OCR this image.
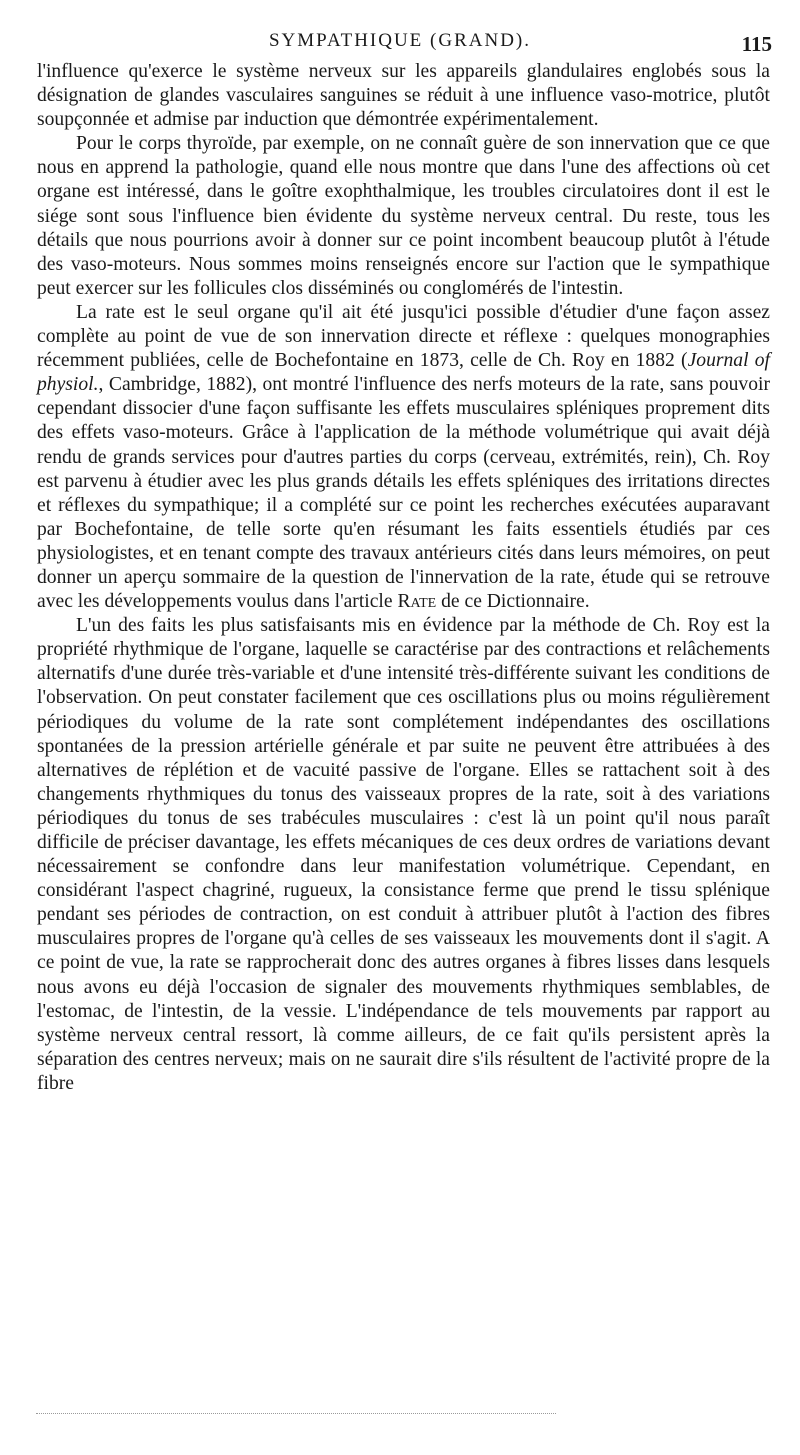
SYMPATHIQUE (GRAND).	115

l'influence qu'exerce le système nerveux sur les appareils glandulaires englobés sous la désignation de glandes vasculaires sanguines se réduit à une influence vaso-motrice, plutôt soupçonnée et admise par induction que démontrée expérimentalement.

Pour le corps thyroïde, par exemple, on ne connaît guère de son innervation que ce que nous en apprend la pathologie, quand elle nous montre que dans l'une des affections où cet organe est intéressé, dans le goître exophthalmique, les troubles circulatoires dont il est le siége sont sous l'influence bien évidente du système nerveux central. Du reste, tous les détails que nous pourrions avoir à donner sur ce point incombent beaucoup plutôt à l'étude des vaso-moteurs. Nous sommes moins renseignés encore sur l'action que le sympathique peut exercer sur les follicules clos disséminés ou conglomérés de l'intestin.

La rate est le seul organe qu'il ait été jusqu'ici possible d'étudier d'une façon assez complète au point de vue de son innervation directe et réflexe : quelques monographies récemment publiées, celle de Bochefontaine en 1873, celle de Ch. Roy en 1882 (Journal of physiol., Cambridge, 1882), ont montré l'influence des nerfs moteurs de la rate, sans pouvoir cependant dissocier d'une façon suffisante les effets musculaires spléniques proprement dits des effets vaso-moteurs. Grâce à l'application de la méthode volumétrique qui avait déjà rendu de grands services pour d'autres parties du corps (cerveau, extrémités, rein), Ch. Roy est parvenu à étudier avec les plus grands détails les effets spléniques des irritations directes et réflexes du sympathique; il a complété sur ce point les recherches exécutées auparavant par Bochefontaine, de telle sorte qu'en résumant les faits essentiels étudiés par ces physiologistes, et en tenant compte des travaux antérieurs cités dans leurs mémoires, on peut donner un aperçu sommaire de la question de l'innervation de la rate, étude qui se retrouve avec les développements voulus dans l'article Rate de ce Dictionnaire.

L'un des faits les plus satisfaisants mis en évidence par la méthode de Ch. Roy est la propriété rhythmique de l'organe, laquelle se caractérise par des contractions et relâchements alternatifs d'une durée très-variable et d'une intensité très-différente suivant les conditions de l'observation. On peut constater facilement que ces oscillations plus ou moins régulièrement périodiques du volume de la rate sont complétement indépendantes des oscillations spontanées de la pression artérielle générale et par suite ne peuvent être attribuées à des alternatives de réplétion et de vacuité passive de l'organe. Elles se rattachent soit à des changements rhythmiques du tonus des vaisseaux propres de la rate, soit à des variations périodiques du tonus de ses trabécules musculaires : c'est là un point qu'il nous paraît difficile de préciser davantage, les effets mécaniques de ces deux ordres de variations devant nécessairement se confondre dans leur manifestation volumétrique. Cependant, en considérant l'aspect chagriné, rugueux, la consistance ferme que prend le tissu splénique pendant ses périodes de contraction, on est conduit à attribuer plutôt à l'action des fibres musculaires propres de l'organe qu'à celles de ses vaisseaux les mouvements dont il s'agit. A ce point de vue, la rate se rapprocherait donc des autres organes à fibres lisses dans lesquels nous avons eu déjà l'occasion de signaler des mouvements rhythmiques semblables, de l'estomac, de l'intestin, de la vessie. L'indépendance de tels mouvements par rapport au système nerveux central ressort, là comme ailleurs, de ce fait qu'ils persistent après la séparation des centres nerveux; mais on ne saurait dire s'ils résultent de l'activité propre de la fibre
